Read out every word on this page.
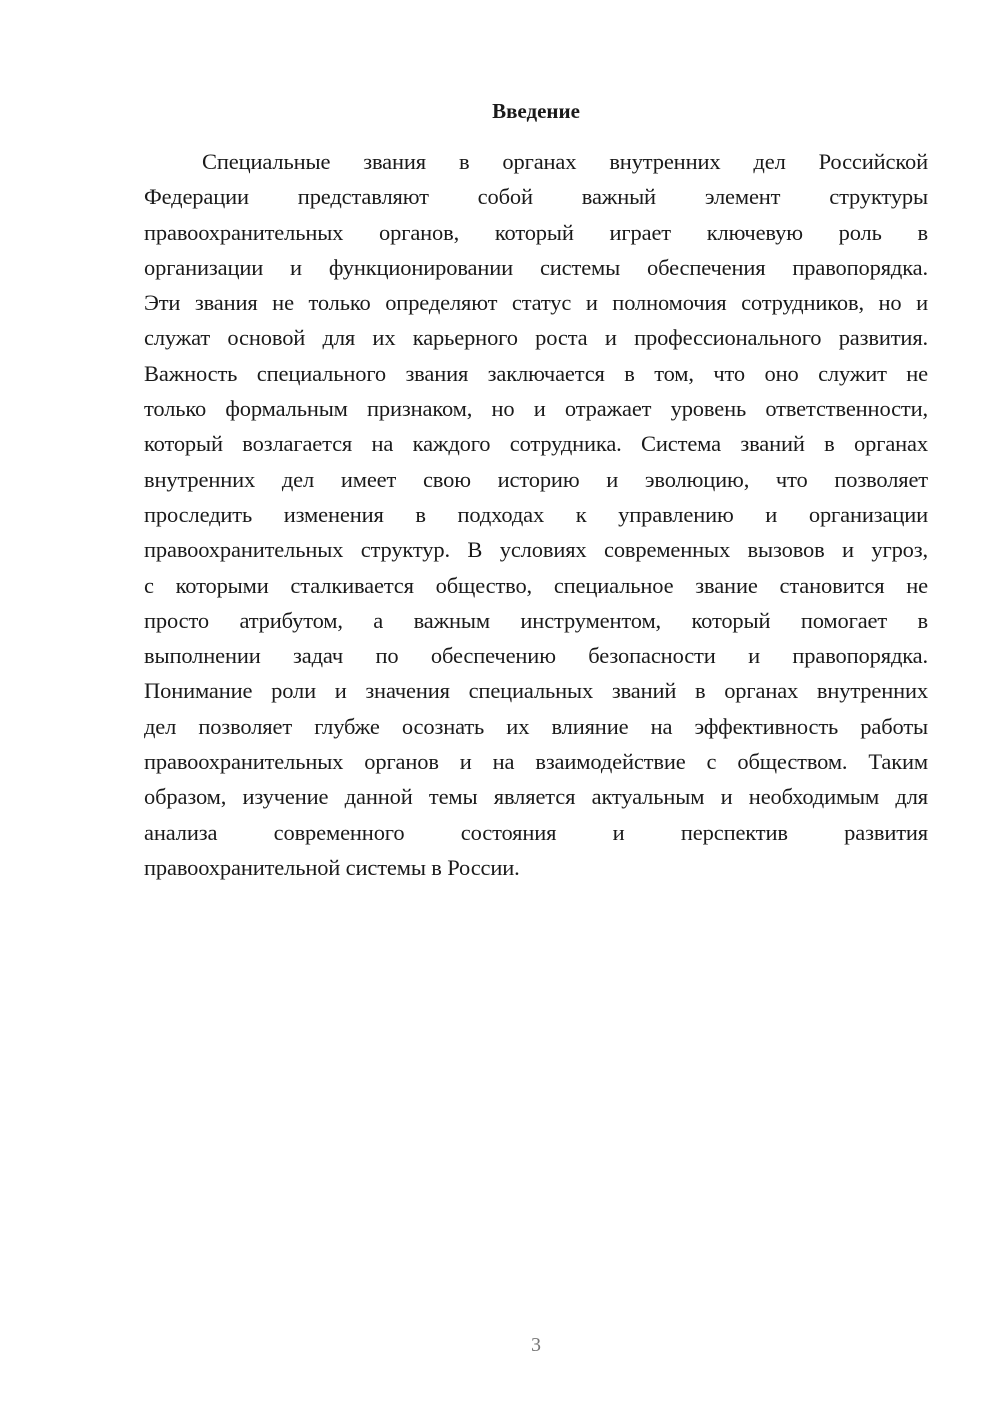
Введение
Специальные звания в органах внутренних дел Российской
Федерации представляют собой важный элемент структуры
правоохранительных органов, который играет ключевую роль в
организации и функционировании системы обеспечения правопорядка.
Эти звания не только определяют статус и полномочия сотрудников, но и
служат основой для их карьерного роста и профессионального развития.
Важность специального звания заключается в том, что оно служит не
только формальным признаком, но и отражает уровень ответственности,
который возлагается на каждого сотрудника. Система званий в органах
внутренних дел имеет свою историю и эволюцию, что позволяет
проследить изменения в подходах к управлению и организации
правоохранительных структур. В условиях современных вызовов и угроз,
с которыми сталкивается общество, специальное звание становится не
просто атрибутом, а важным инструментом, который помогает в
выполнении задач по обеспечению безопасности и правопорядка.
Понимание роли и значения специальных званий в органах внутренних
дел позволяет глубже осознать их влияние на эффективность работы
правоохранительных органов и на взаимодействие с обществом. Таким
образом, изучение данной темы является актуальным и необходимым для
анализа современного состояния и перспектив развития
правоохранительной системы в России.
3
